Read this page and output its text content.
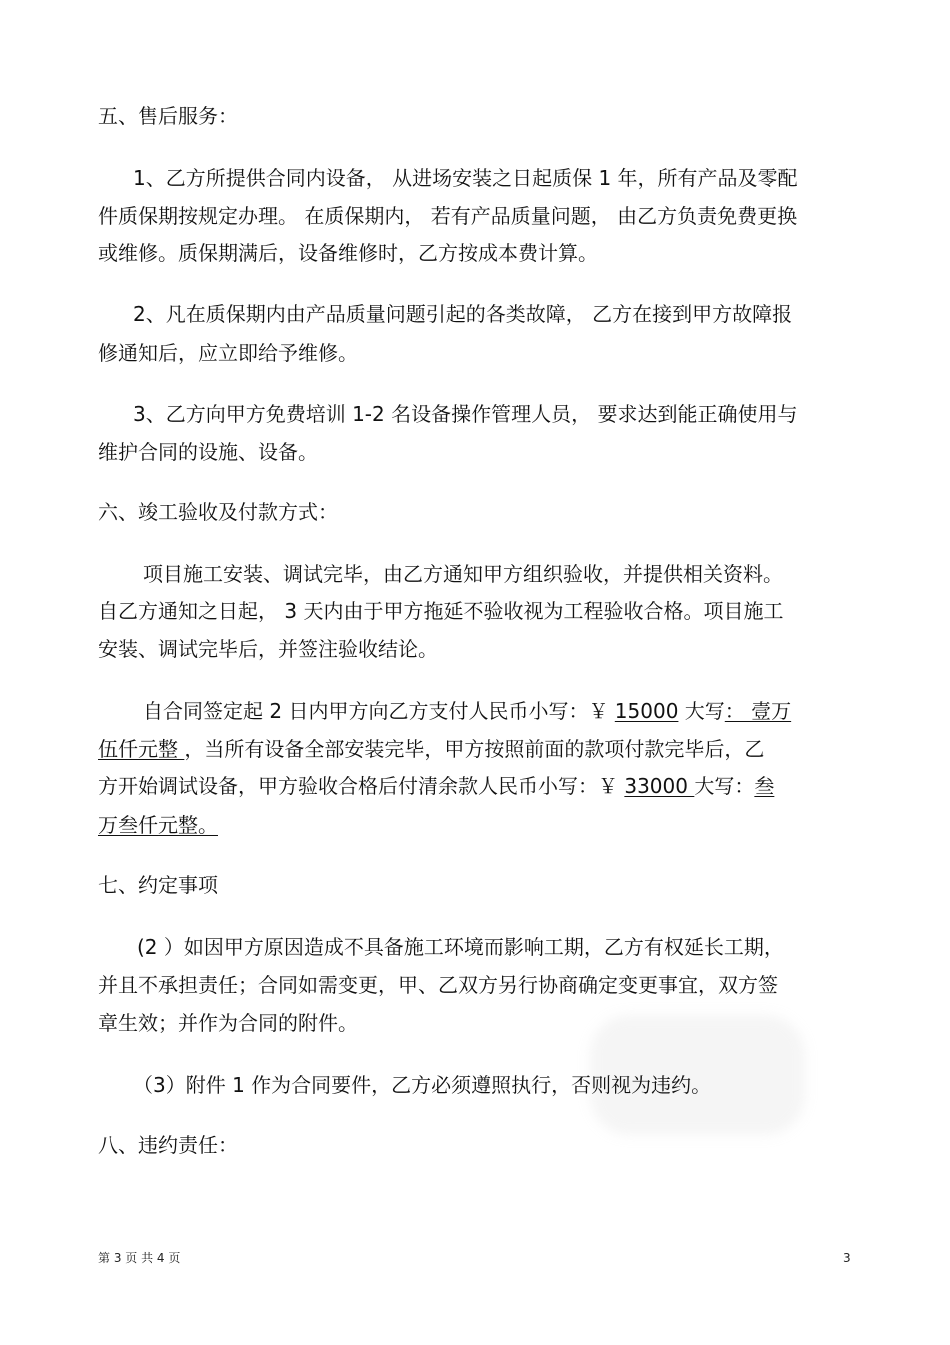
五、售后服务：
1、乙方所提供合同内设备， 从进场安装之日起质保 1 年，所有产品及零配
件质保期按规定办理。 在质保期内， 若有产品质量问题， 由乙方负责免费更换
或维修。质保期满后，设备维修时，乙方按成本费计算。
2、凡在质保期内由产品质量问题引起的各类故障， 乙方在接到甲方故障报
修通知后，应立即给予维修。
3、乙方向甲方免费培训 1-2 名设备操作管理人员， 要求达到能正确使用与
维护合同的设施、设备。
六、竣工验收及付款方式：
项目施工安装、调试完毕，由乙方通知甲方组织验收，并提供相关资料。
自乙方通知之日起， 3 天内由于甲方拖延不验收视为工程验收合格。项目施工
安装、调试完毕后，并签注验收结论。
自合同签定起 2 日内甲方向乙方支付人民币小写：￥ 15000 大写： 壹万
伍仟元整 ，当所有设备全部安装完毕，甲方按照前面的款项付款完毕后，乙
方开始调试设备，甲方验收合格后付清余款人民币小写：￥ 33000 大写：叁
万叁仟元整。
七、约定事项
(2 ）如因甲方原因造成不具备施工环境而影响工期，乙方有权延长工期，
并且不承担责任；合同如需变更，甲、乙双方另行协商确定变更事宜，双方签
章生效；并作为合同的附件。
（3）附件 1 作为合同要件，乙方必须遵照执行，否则视为违约。
八、违约责任：
第 3 页 共 4 页	3
